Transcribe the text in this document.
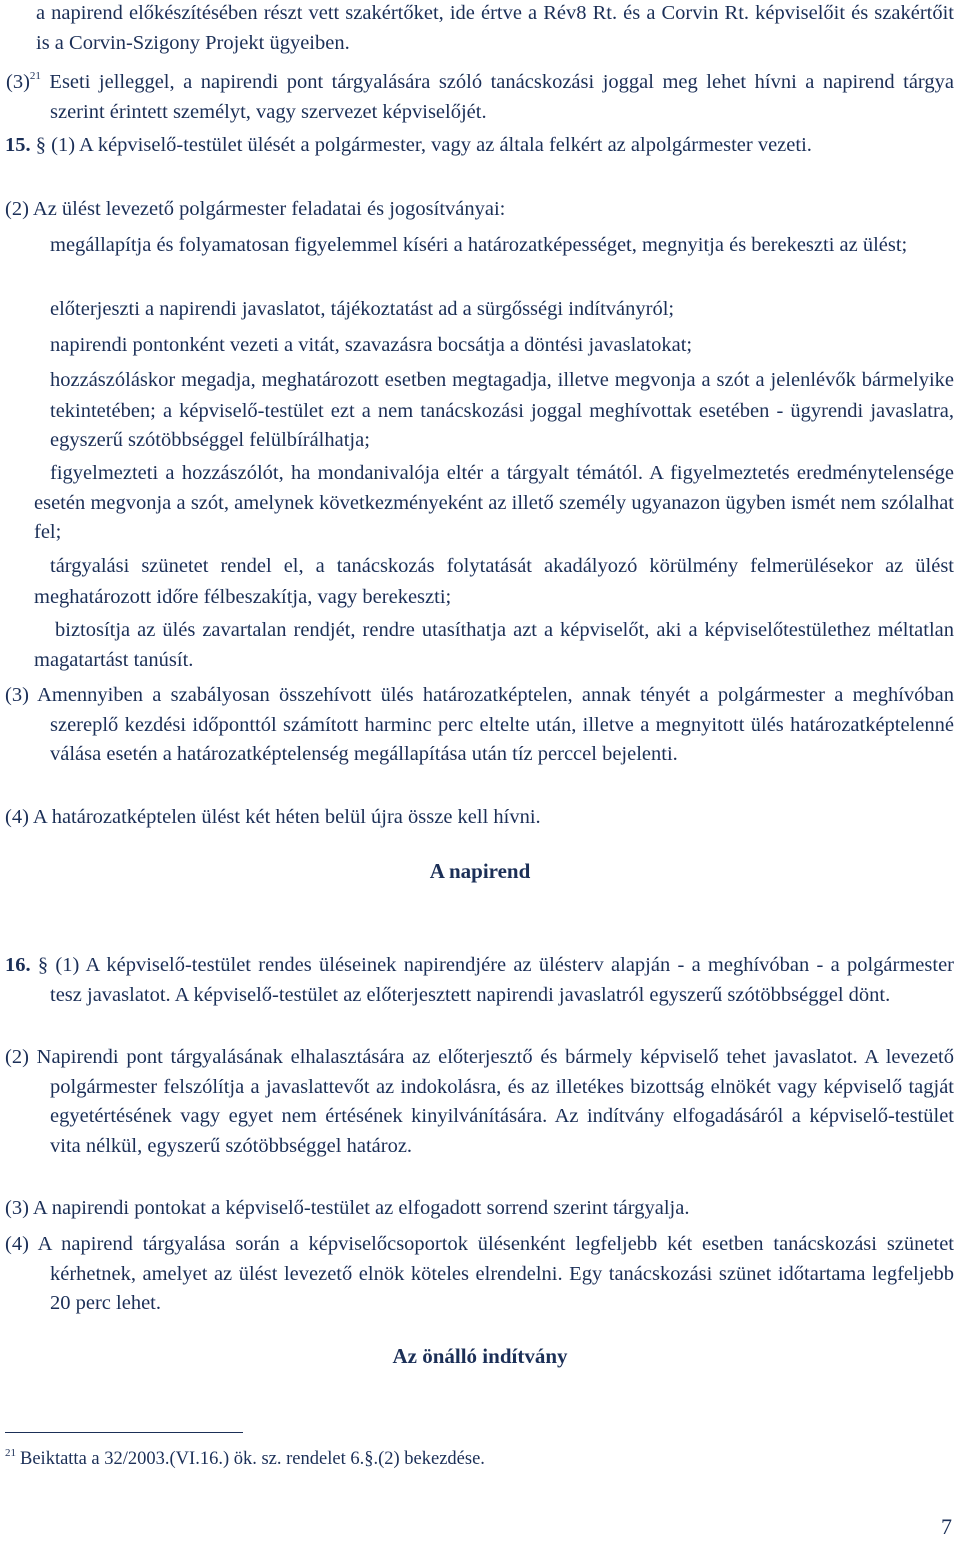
a napirend előkészítésében részt vett szakértőket, ide értve a Rév8 Rt. és a Corvin Rt. képviselőit és szakértőit is a Corvin-Szigony Projekt ügyeiben.

(3)$^{21}$ Eseti jelleggel, a napirendi pont tárgyalására szóló tanácskozási joggal meg lehet hívni a napirend tárgya szerint érintett személyt, vagy szervezet képviselőjét.

15. § (1) A képviselő-testület ülését a polgármester, vagy az általa felkért az alpolgármester vezeti.

(2) Az ülést levezető polgármester feladatai és jogosítványai:

megállapítja és folyamatosan figyelemmel kíséri a határozatképességet, megnyitja és berekeszti az ülést;

előterjeszti a napirendi javaslatot, tájékoztatást ad a sürgősségi indítványról;

napirendi pontonként vezeti a vitát, szavazásra bocsátja a döntési javaslatokat;

hozzászóláskor megadja, meghatározott esetben megtagadja, illetve megvonja a szót a jelenlévők bármelyike tekintetében; a képviselő-testület ezt a nem tanácskozási joggal meghívottak esetében - ügyrendi javaslatra, egyszerű szótöbbséggel felülbírálhatja;

figyelmezteti a hozzászólót, ha mondanivalója eltér a tárgyalt témától. A figyelmeztetés eredménytelensége esetén megvonja a szót, amelynek következményeként az illető személy ugyanazon ügyben ismét nem szólalhat fel;

tárgyalási szünetet rendel el, a tanácskozás folytatását akadályozó körülmény felmerülésekor az ülést meghatározott időre félbeszakítja, vagy berekeszti;

biztosítja az ülés zavartalan rendjét, rendre utasíthatja azt a képviselőt, aki a képviselőtestülethez méltatlan magatartást tanúsít.

(3) Amennyiben a szabályosan összehívott ülés határozatképtelen, annak tényét a polgármester a meghívóban szereplő kezdési időponttól számított harminc perc eltelte után, illetve a megnyitott ülés határozatképtelenné válása esetén a határozatképtelenség megállapítása után tíz perccel bejelenti.

(4) A határozatképtelen ülést két héten belül újra össze kell hívni.

A napirend

16. § (1) A képviselő-testület rendes üléseinek napirendjére az ülésterv alapján - a meghívóban - a polgármester tesz javaslatot. A képviselő-testület az előterjesztett napirendi javaslatról egyszerű szótöbbséggel dönt.

(2) Napirendi pont tárgyalásának elhalasztására az előterjesztő és bármely képviselő tehet javaslatot. A levezető polgármester felszólítja a javaslattevőt az indokolásra, és az illetékes bizottság elnökét vagy képviselő tagját egyetértésének vagy egyet nem értésének kinyilvánítására. Az indítvány elfogadásáról a képviselő-testület vita nélkül, egyszerű szótöbbséggel határoz.

(3) A napirendi pontokat a képviselő-testület az elfogadott sorrend szerint tárgyalja.

(4) A napirend tárgyalása során a képviselőcsoportok ülésenként legfeljebb két esetben tanácskozási szünetet kérhetnek, amelyet az ülést levezető elnök köteles elrendelni. Egy tanácskozási szünet időtartama legfeljebb 20 perc lehet.

Az önálló indítvány

$^{21}$ Beiktatta a 32/2003.(VI.16.) ök. sz. rendelet 6.§.(2) bekezdése.

7
